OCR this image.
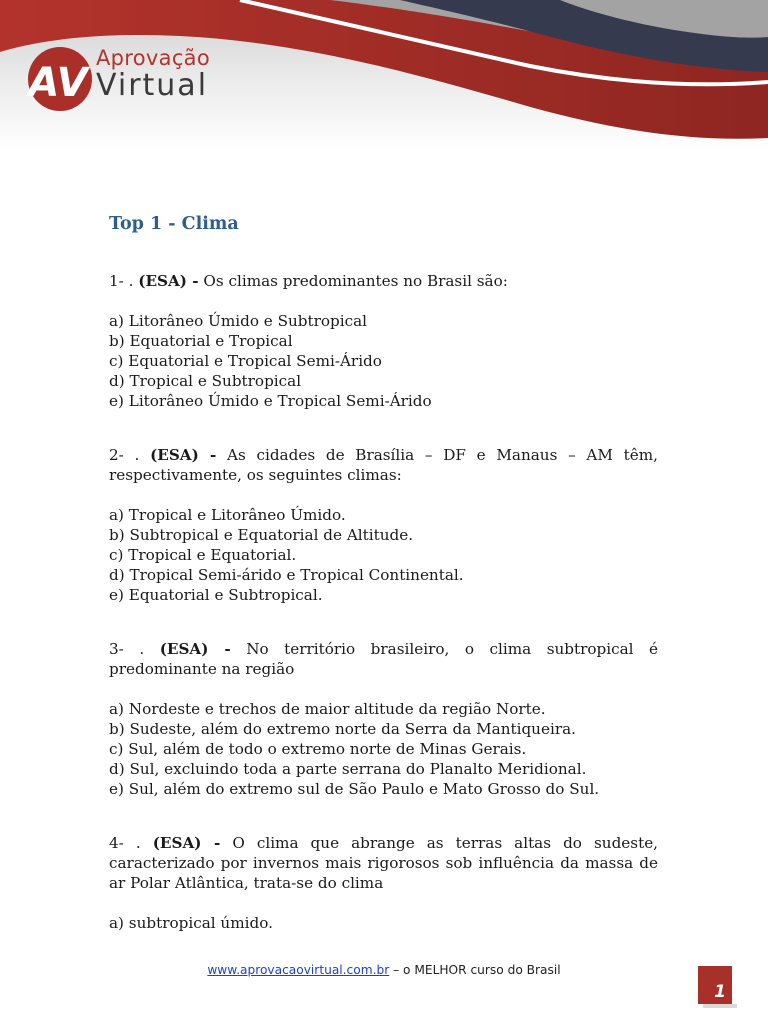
AV
Aprovação
Virtual
Top 1 - Clima

1- . (ESA) - Os climas predominantes no Brasil são:

a) Litorâneo Úmido e Subtropical
b) Equatorial e Tropical
c) Equatorial e Tropical Semi-Árido
d) Tropical e Subtropical
e) Litorâneo Úmido e Tropical Semi-Árido

2- . (ESA) - As cidades de Brasília – DF e Manaus – AM têm, respectivamente, os seguintes climas:

a) Tropical e Litorâneo Úmido.
b) Subtropical e Equatorial de Altitude.
c) Tropical e Equatorial.
d) Tropical Semi-árido e Tropical Continental.
e) Equatorial e Subtropical.

3- . (ESA) - No território brasileiro, o clima subtropical é predominante na região

a) Nordeste e trechos de maior altitude da região Norte.
b) Sudeste, além do extremo norte da Serra da Mantiqueira.
c) Sul, além de todo o extremo norte de Minas Gerais.
d) Sul, excluindo toda a parte serrana do Planalto Meridional.
e) Sul, além do extremo sul de São Paulo e Mato Grosso do Sul.

4- . (ESA) - O clima que abrange as terras altas do sudeste, caracterizado por invernos mais rigorosos sob influência da massa de ar Polar Atlântica, trata-se do clima

a) subtropical úmido.
www.aprovacaovirtual.com.br – o MELHOR curso do Brasil
1
